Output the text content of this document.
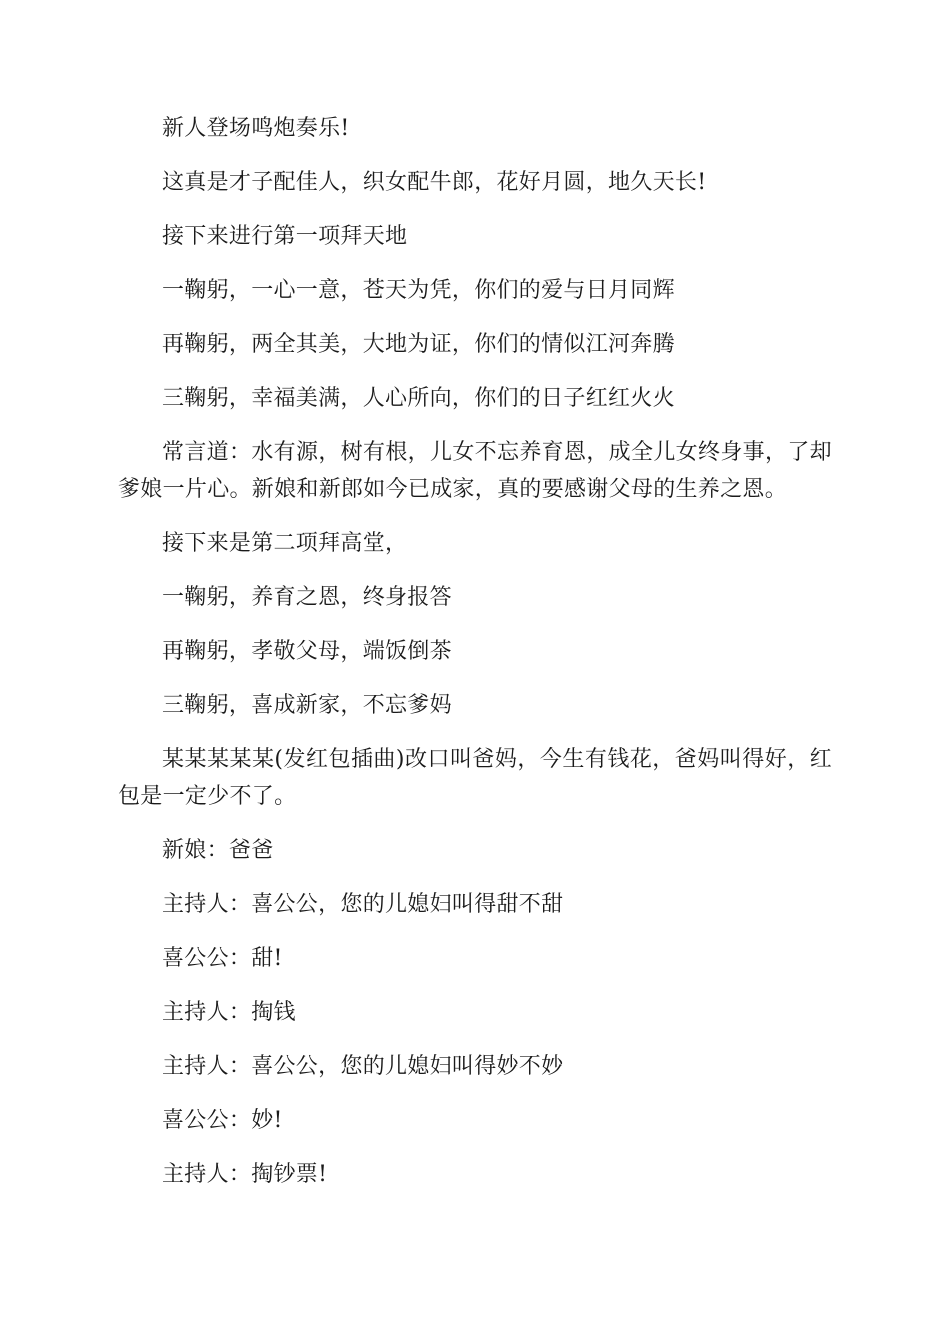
新人登场鸣炮奏乐!

这真是才子配佳人，织女配牛郎，花好月圆，地久天长!

接下来进行第一项拜天地

一鞠躬，一心一意，苍天为凭，你们的爱与日月同辉

再鞠躬，两全其美，大地为证，你们的情似江河奔腾

三鞠躬，幸福美满，人心所向，你们的日子红红火火

常言道：水有源，树有根，儿女不忘养育恩，成全儿女终身事，了却爹娘一片心。新娘和新郎如今已成家，真的要感谢父母的生养之恩。

接下来是第二项拜高堂，

一鞠躬，养育之恩，终身报答

再鞠躬，孝敬父母，端饭倒茶

三鞠躬，喜成新家，不忘爹妈

某某某某某(发红包插曲)改口叫爸妈，今生有钱花，爸妈叫得好，红包是一定少不了。

新娘：爸爸

主持人：喜公公，您的儿媳妇叫得甜不甜

喜公公：甜!

主持人：掏钱

主持人：喜公公，您的儿媳妇叫得妙不妙

喜公公：妙!

主持人：掏钞票!
